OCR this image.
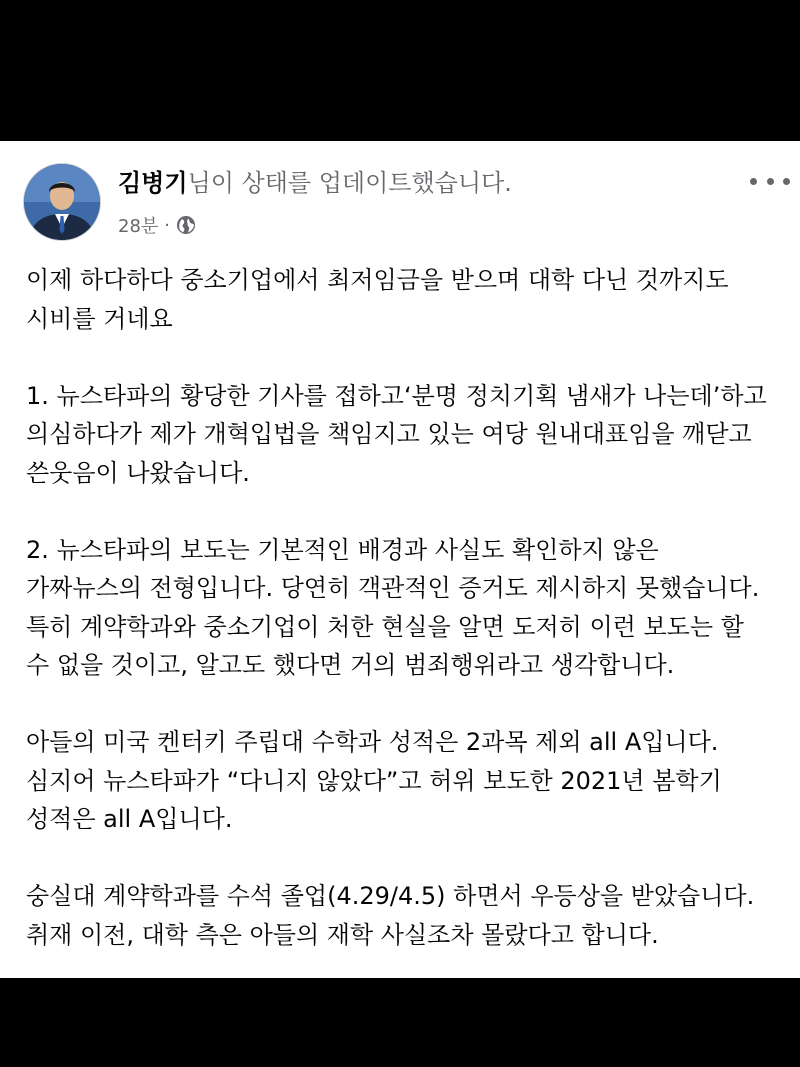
김병기님이 상태를 업데이트했습니다.
28분 ·

이제 하다하다 중소기업에서 최저임금을 받으며 대학 다닌 것까지도
시비를 거네요

1. 뉴스타파의 황당한 기사를 접하고‘분명 정치기획 냄새가 나는데’하고
의심하다가 제가 개혁입법을 책임지고 있는 여당 원내대표임을 깨닫고
쓴웃음이 나왔습니다.

2. 뉴스타파의 보도는 기본적인 배경과 사실도 확인하지 않은
가짜뉴스의 전형입니다. 당연히 객관적인 증거도 제시하지 못했습니다.
특히 계약학과와 중소기업이 처한 현실을 알면 도저히 이런 보도는 할
수 없을 것이고, 알고도 했다면 거의 범죄행위라고 생각합니다.

아들의 미국 켄터키 주립대 수학과 성적은 2과목 제외 all A입니다.
심지어 뉴스타파가 “다니지 않았다”고 허위 보도한 2021년 봄학기
성적은 all A입니다.

숭실대 계약학과를 수석 졸업(4.29/4.5) 하면서 우등상을 받았습니다.
취재 이전, 대학 측은 아들의 재학 사실조차 몰랐다고 합니다.
